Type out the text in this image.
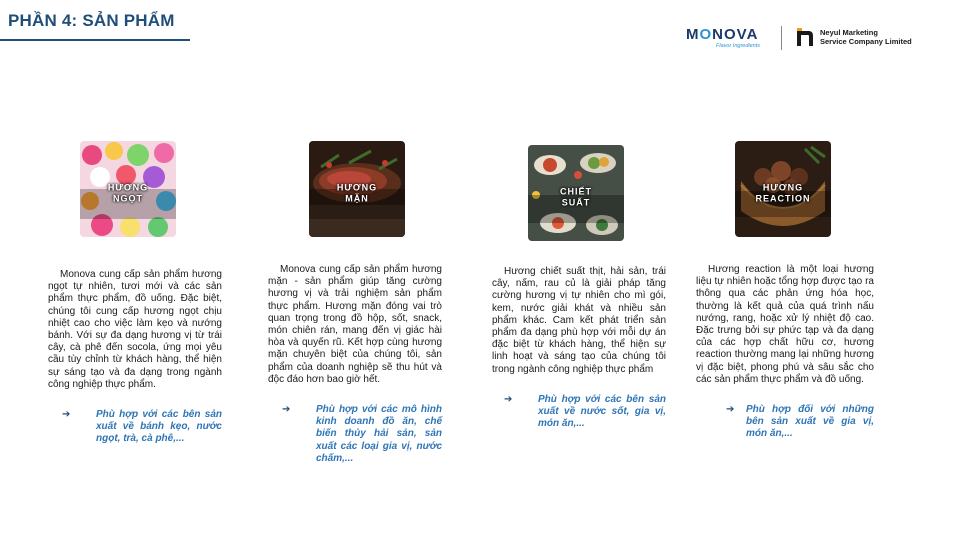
PHẦN 4: SẢN PHẨM
MONOVA
Flavor Ingredients
Neyul Marketing
Service Company Limited
HƯƠNG
NGỌT
HƯƠNG
MẶN
CHIẾT
SUẤT
HƯƠNG
REACTION
Monova cung cấp sản phẩm hương ngọt tự nhiên, tươi mới và các sản phẩm thực phẩm, đồ uống. Đặc biệt, chúng tôi cung cấp hương ngọt chịu nhiệt cao cho việc làm kẹo và nướng bánh. Với sự đa dạng hương vị từ trái cây, cà phê đến socola, ứng mọi yêu cầu tùy chỉnh từ khách hàng, thể hiện sự sáng tạo và đa dạng trong ngành công nghiệp thực phẩm.
Monova cung cấp sản phẩm hương mặn - sản phẩm giúp tăng cường hương vị và trải nghiệm sản phẩm thực phẩm. Hương mặn đóng vai trò quan trọng trong đồ hộp, sốt, snack, món chiên rán, mang đến vị giác hài hòa và quyến rũ. Kết hợp cùng hương mặn chuyên biệt của chúng tôi, sản phẩm của doanh nghiệp sẽ thu hút và độc đáo hơn bao giờ hết.
Hương chiết suất thịt, hải sản, trái cây, nấm, rau củ là giải pháp tăng cường hương vị tự nhiên cho mì gói, kem, nước giải khát và nhiều sản phẩm khác. Cam kết phát triển sản phẩm đa dạng phù hợp với mỗi dự án đặc biệt từ khách hàng, thể hiện sự linh hoạt và sáng tạo của chúng tôi trong ngành công nghiệp thực phẩm
Hương reaction là một loại hương liệu tự nhiên hoặc tổng hợp được tạo ra thông qua các phản ứng hóa học, thường là kết quả của quá trình nấu nướng, rang, hoặc xử lý nhiệt độ cao. Đặc trưng bởi sự phức tạp và đa dạng của các hợp chất hữu cơ, hương reaction thường mang lại những hương vị đặc biệt, phong phú và sâu sắc cho các sản phẩm thực phẩm và đồ uống.
➔	Phù hợp với các bên sản xuất về bánh kẹo, nước ngọt, trà, cà phê,...
➔	Phù hợp với các mô hình kinh doanh đồ ăn, chế biến thủy hải sản, sản xuất các loại gia vị, nước chấm,...
➔	Phù hợp với các bên sản xuất về nước sốt, gia vị, món ăn,...
➔ Phù hợp đối với những bên sản xuất về gia vị, món ăn,...
